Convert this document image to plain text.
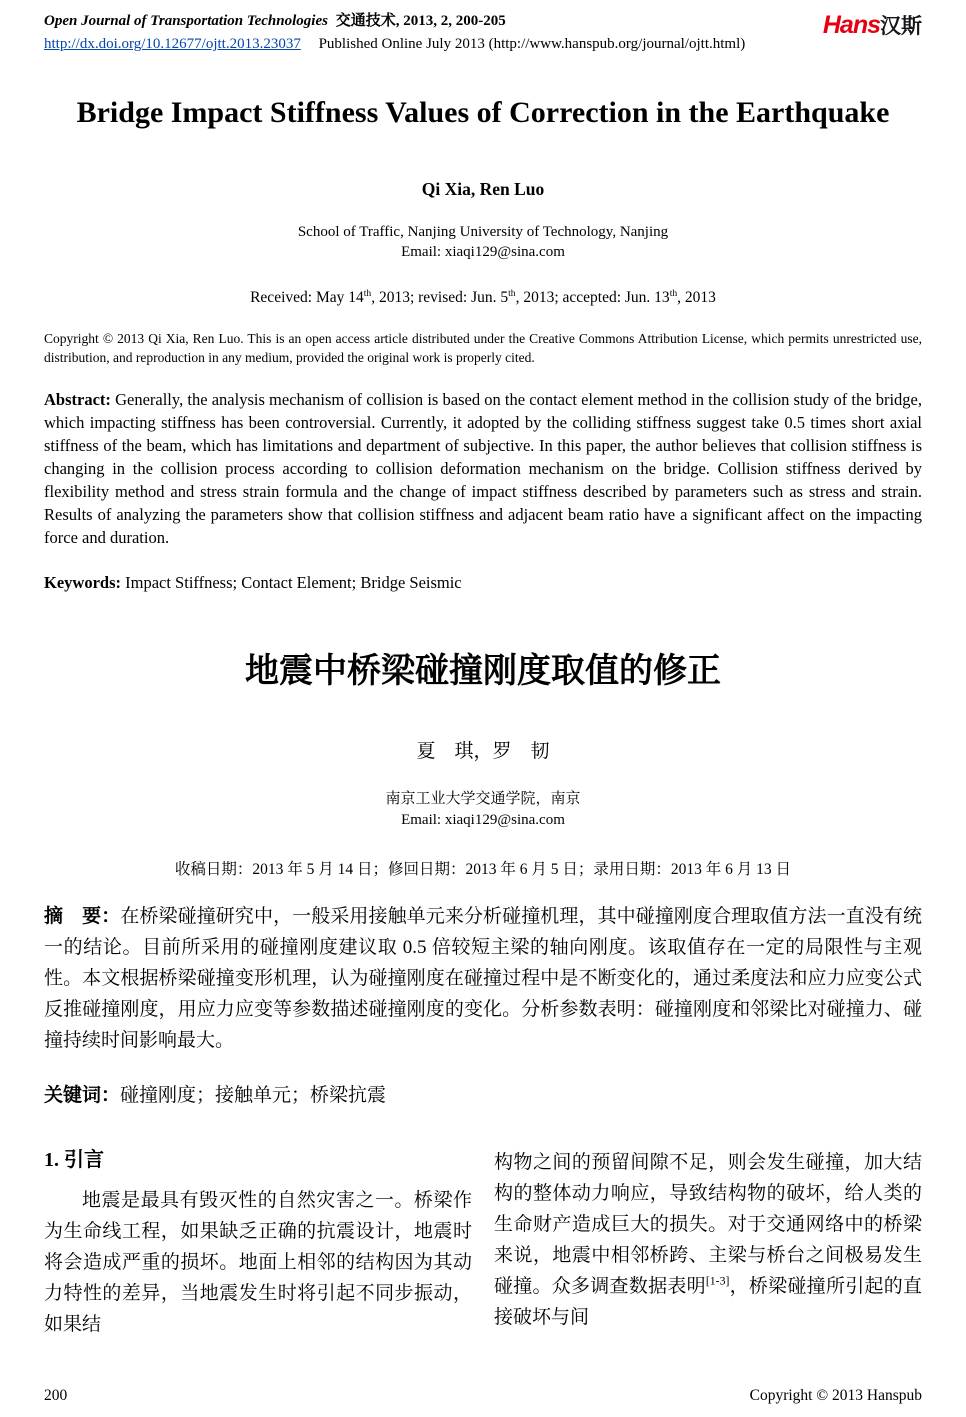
Open Journal of Transportation Technologies 交通技术, 2013, 2, 200-205
http://dx.doi.org/10.12677/ojtt.2013.23037 Published Online July 2013 (http://www.hanspub.org/journal/ojtt.html)
Hans汉斯
Bridge Impact Stiffness Values of Correction in the Earthquake
Qi Xia, Ren Luo
School of Traffic, Nanjing University of Technology, Nanjing
Email: xiaqi129@sina.com
Received: May 14th, 2013; revised: Jun. 5th, 2013; accepted: Jun. 13th, 2013

Copyright © 2013 Qi Xia, Ren Luo. This is an open access article distributed under the Creative Commons Attribution License, which permits unrestricted use, distribution, and reproduction in any medium, provided the original work is properly cited.

Abstract: Generally, the analysis mechanism of collision is based on the contact element method in the collision study of the bridge, which impacting stiffness has been controversial. Currently, it adopted by the colliding stiffness suggest take 0.5 times short axial stiffness of the beam, which has limitations and department of subjective. In this paper, the author believes that collision stiffness is changing in the collision process according to collision deformation mechanism on the bridge. Collision stiffness derived by flexibility method and stress strain formula and the change of impact stiffness described by parameters such as stress and strain. Results of analyzing the parameters show that collision stiffness and adjacent beam ratio have a significant affect on the impacting force and duration.

Keywords: Impact Stiffness; Contact Element; Bridge Seismic

地震中桥梁碰撞刚度取值的修正
夏　琪，罗　韧
南京工业大学交通学院，南京
Email: xiaqi129@sina.com
收稿日期：2013 年 5 月 14 日；修回日期：2013 年 6 月 5 日；录用日期：2013 年 6 月 13 日

摘　要：在桥梁碰撞研究中，一般采用接触单元来分析碰撞机理，其中碰撞刚度合理取值方法一直没有统一的结论。目前所采用的碰撞刚度建议取 0.5 倍较短主梁的轴向刚度。该取值存在一定的局限性与主观性。本文根据桥梁碰撞变形机理，认为碰撞刚度在碰撞过程中是不断变化的，通过柔度法和应力应变公式反推碰撞刚度，用应力应变等参数描述碰撞刚度的变化。分析参数表明：碰撞刚度和邻梁比对碰撞力、碰撞持续时间影响最大。

关键词：碰撞刚度；接触单元；桥梁抗震

1. 引言

地震是最具有毁灭性的自然灾害之一。桥梁作为生命线工程，如果缺乏正确的抗震设计，地震时将会造成严重的损坏。地面上相邻的结构因为其动力特性的差异，当地震发生时将引起不同步振动，如果结

构物之间的预留间隙不足，则会发生碰撞，加大结构的整体动力响应，导致结构物的破坏，给人类的生命财产造成巨大的损失。对于交通网络中的桥梁来说，地震中相邻桥跨、主梁与桥台之间极易发生碰撞。众多调查数据表明[1-3]，桥梁碰撞所引起的直接破坏与间

200	Copyright © 2013 Hanspub
